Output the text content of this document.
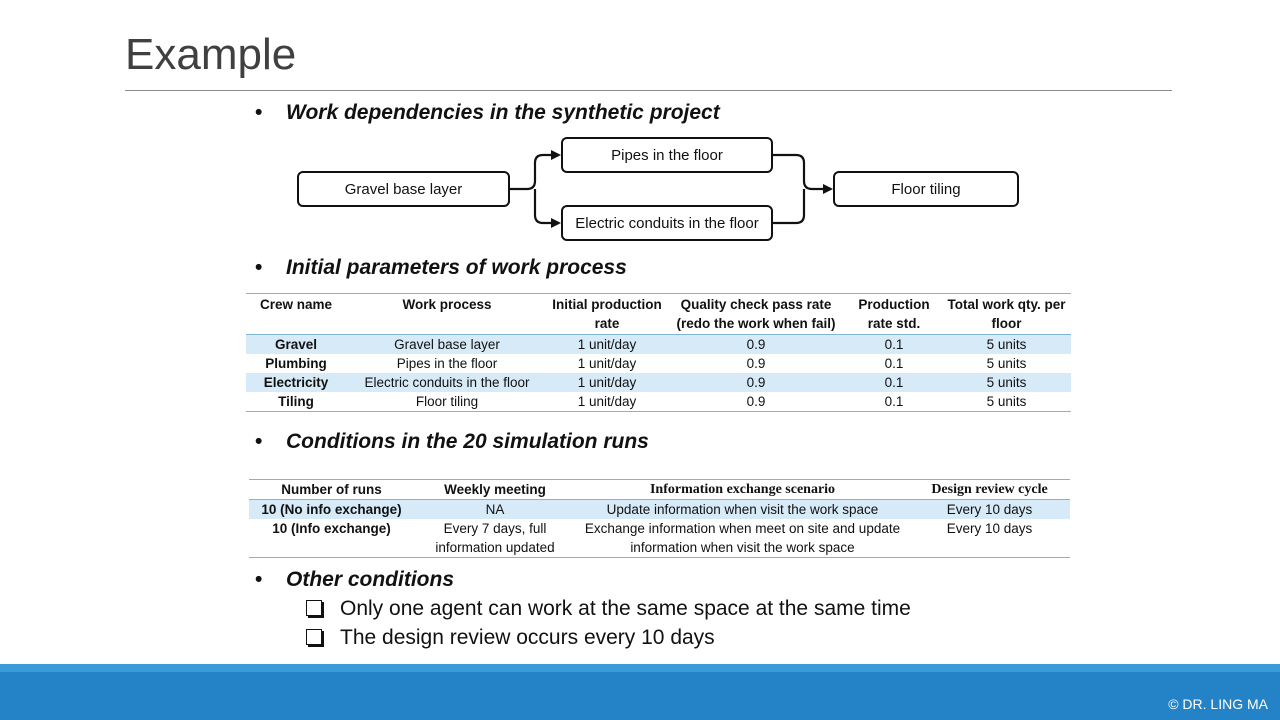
Example
• Work dependencies in the synthetic project
Gravel base layer
Pipes in the floor
Electric conduits in the floor
Floor tiling
• Initial parameters of work process
Crew name	Work process	Initial production rate	Quality check pass rate (redo the work when fail)	Production rate std.	Total work qty. per floor
Gravel	Gravel base layer	1 unit/day	0.9	0.1	5 units
Plumbing	Pipes in the floor	1 unit/day	0.9	0.1	5 units
Electricity	Electric conduits in the floor	1 unit/day	0.9	0.1	5 units
Tiling	Floor tiling	1 unit/day	0.9	0.1	5 units
• Conditions in the 20 simulation runs
Number of runs	Weekly meeting	Information exchange scenario	Design review cycle
10 (No info exchange)	NA	Update information when visit the work space	Every 10 days
10 (Info exchange)	Every 7 days, full information updated	Exchange information when meet on site and update information when visit the work space	Every 10 days
• Other conditions
Only one agent can work at the same space at the same time
The design review occurs every 10 days
© DR. LING MA
